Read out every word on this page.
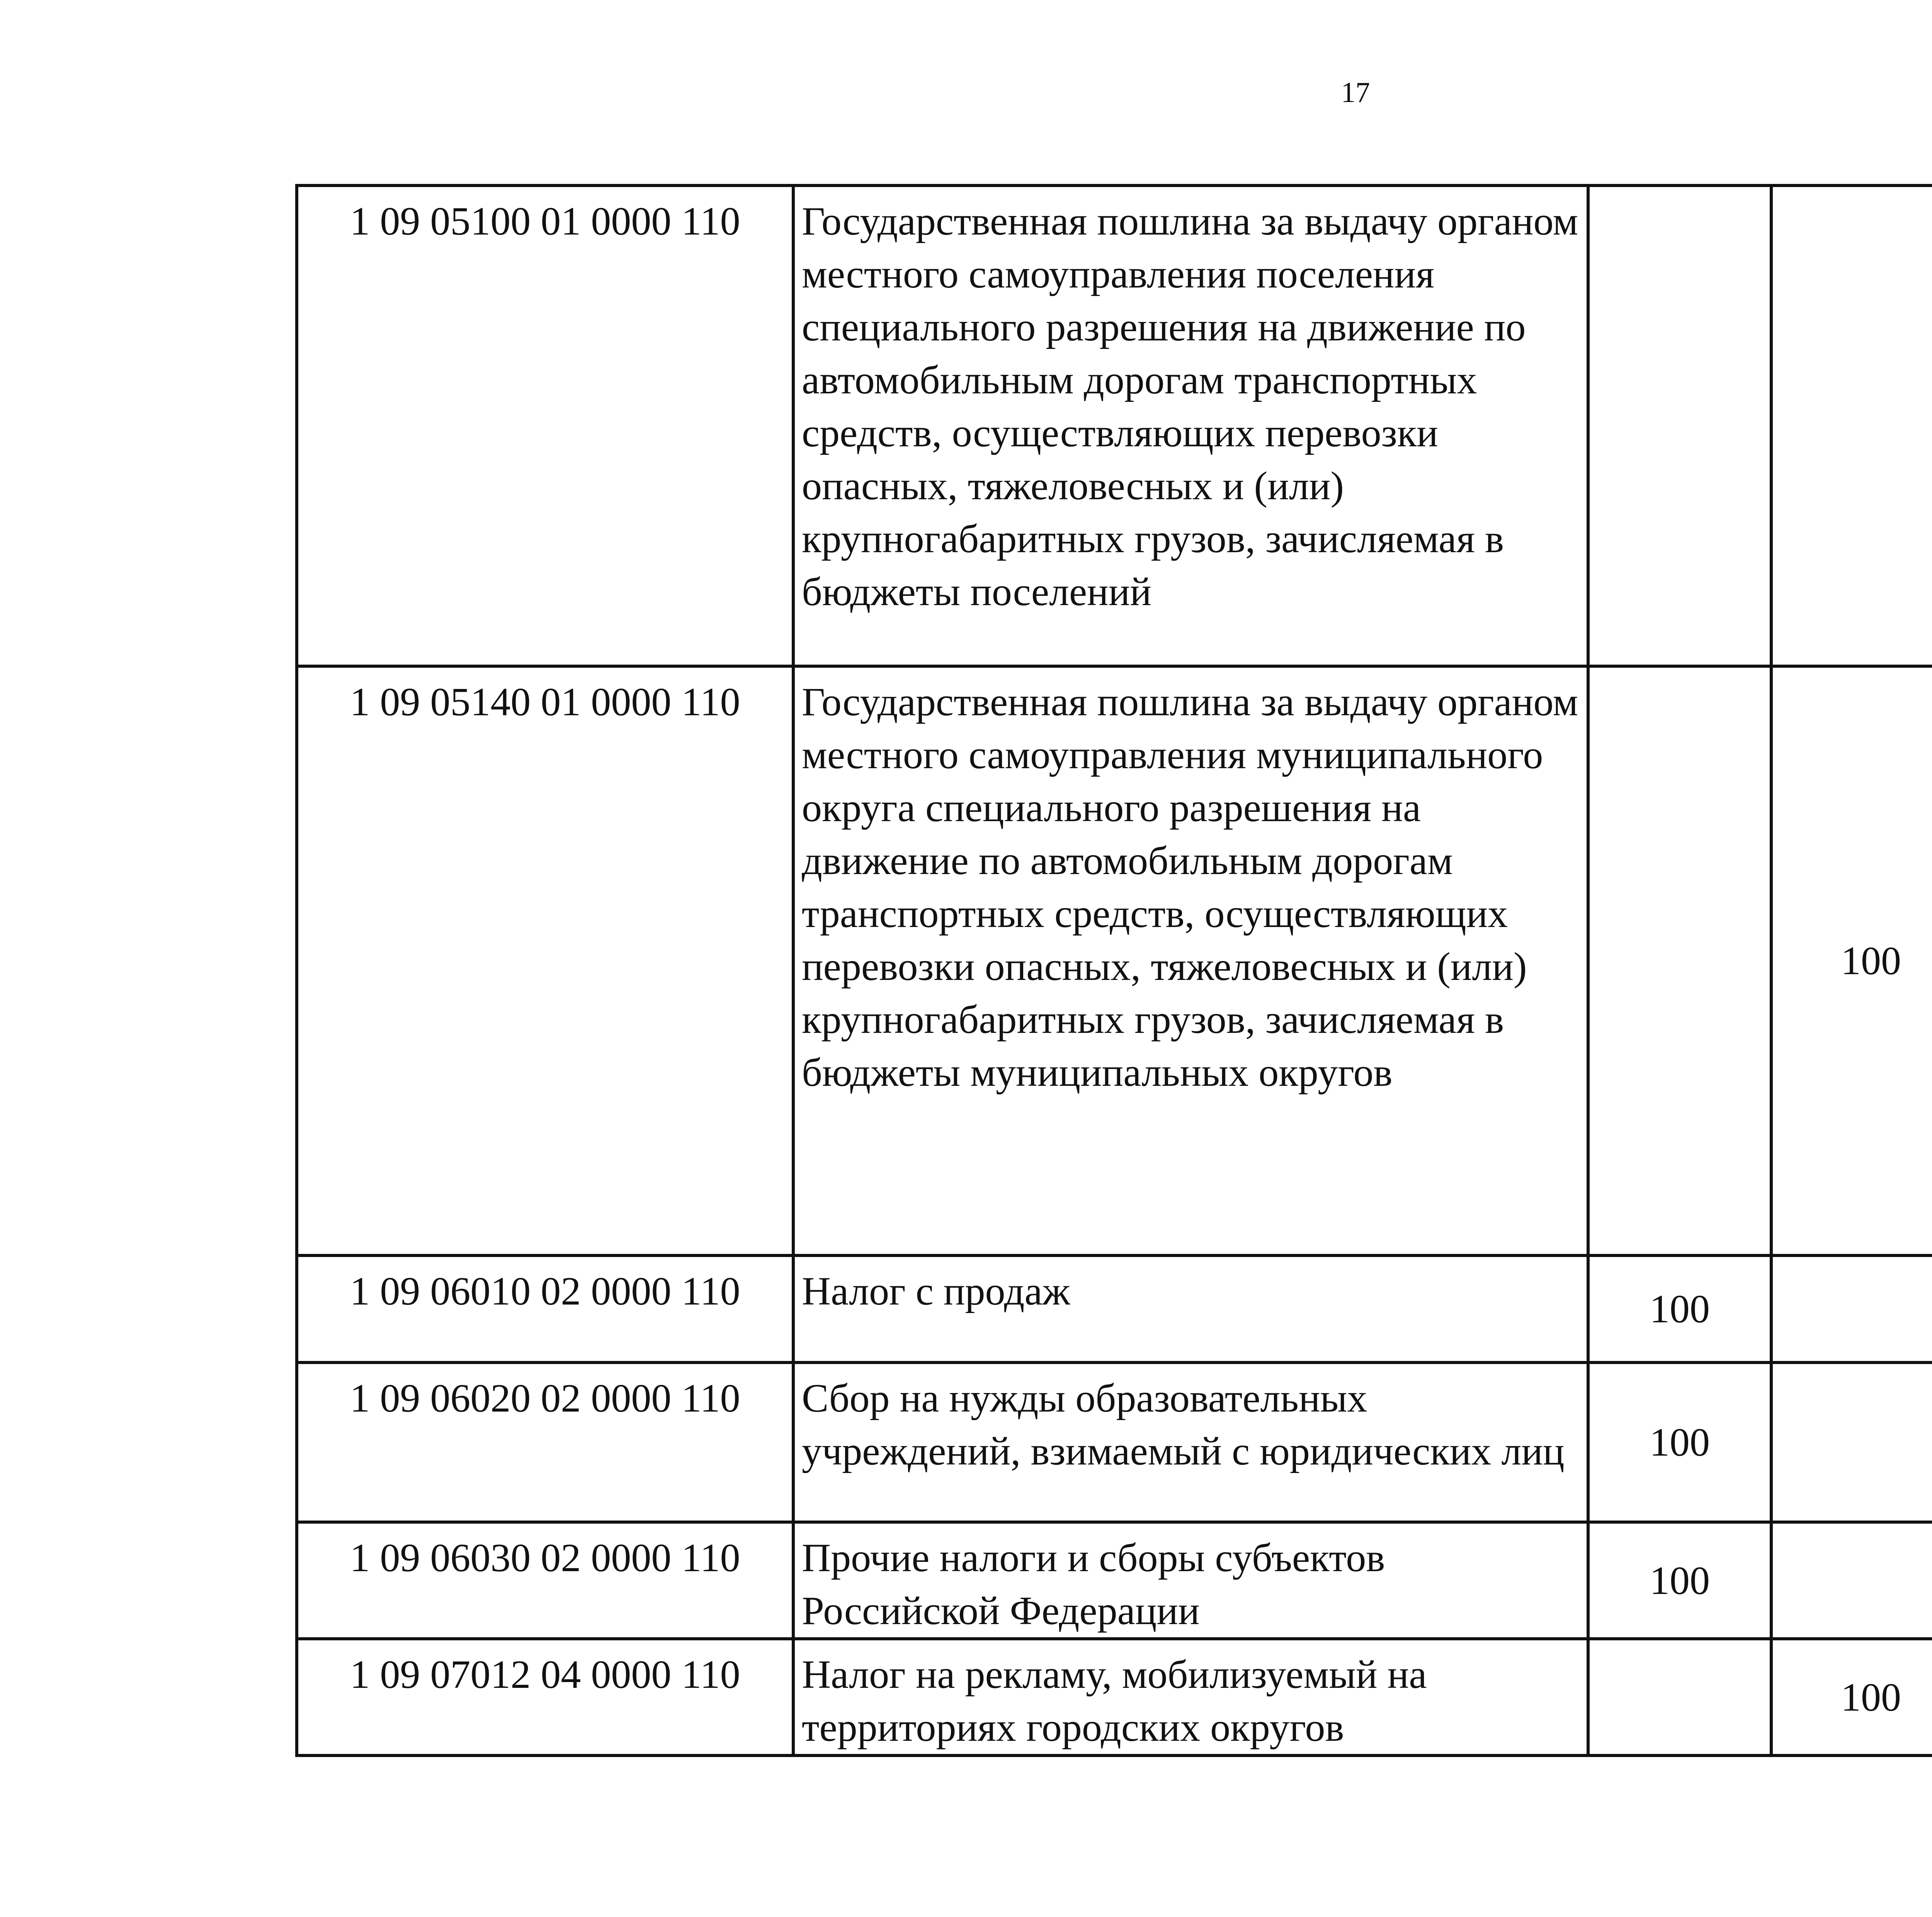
17
1 09 05100 01 0000 110	Государственная пошлина за выдачу органом местного самоуправления поселения специального разрешения на движение по автомобильным дорогам транспортных средств, осуществляющих перевозки опасных, тяжеловесных и (или) крупногабаритных грузов, зачисляемая в бюджеты поселений					
1 09 05140 01 0000 110	Государственная пошлина за выдачу органом местного самоуправления муниципального округа специального разрешения на движение по автомобильным дорогам транспортных средств, осуществляющих перевозки опасных, тяжеловесных и (или) крупногабаритных грузов, зачисляемая в бюджеты муниципальных округов		100			
1 09 06010 02 0000 110	Налог с продаж	100				
1 09 06020 02 0000 110	Сбор на нужды образовательных учреждений, взимаемый с юридических лиц	100				
1 09 06030 02 0000 110	Прочие налоги и сборы субъектов Российской Федерации	100				
1 09 07012 04 0000 110	Налог на рекламу, мобилизуемый на территориях городских округов		100			
